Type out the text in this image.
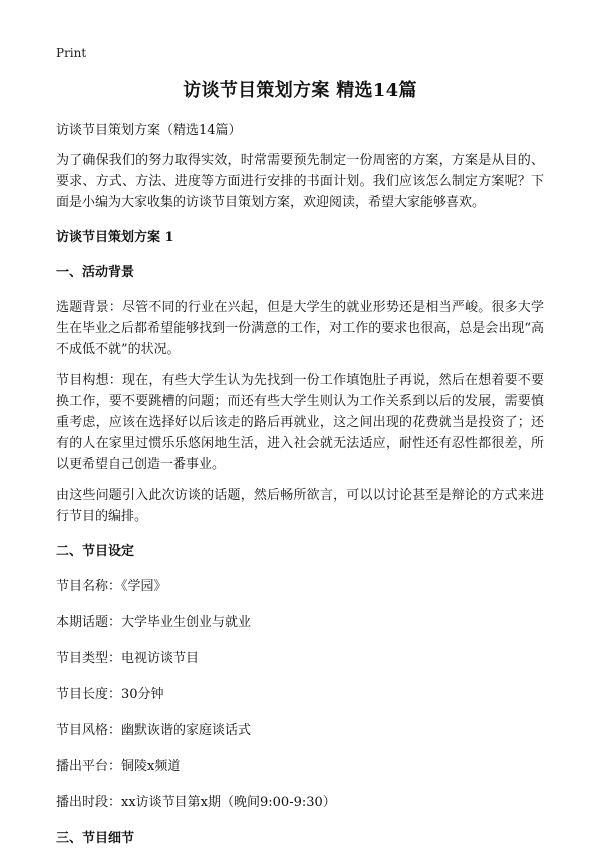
Print
访谈节目策划方案 精选14篇

访谈节目策划方案（精选14篇）

为了确保我们的努力取得实效，时常需要预先制定一份周密的方案，方案是从目的、要求、方式、方法、进度等方面进行安排的书面计划。我们应该怎么制定方案呢？下面是小编为大家收集的访谈节目策划方案，欢迎阅读，希望大家能够喜欢。

访谈节目策划方案 1

一、活动背景

选题背景：尽管不同的行业在兴起，但是大学生的就业形势还是相当严峻。很多大学生在毕业之后都希望能够找到一份满意的工作，对工作的要求也很高，总是会出现“高不成低不就”的状况。

节目构想：现在，有些大学生认为先找到一份工作填饱肚子再说，然后在想着要不要换工作，要不要跳槽的问题；而还有些大学生则认为工作关系到以后的发展，需要慎重考虑，应该在选择好以后该走的路后再就业，这之间出现的花费就当是投资了；还有的人在家里过惯乐乐悠闲地生活，进入社会就无法适应，耐性还有忍性都很差，所以更希望自己创造一番事业。

由这些问题引入此次访谈的话题，然后畅所欲言，可以以讨论甚至是辩论的方式来进行节目的编排。

二、节目设定

节目名称：《学园》

本期话题：大学毕业生创业与就业

节目类型：电视访谈节目

节目长度：30分钟

节目风格：幽默诙谐的家庭谈话式

播出平台：铜陵x频道

播出时段：xx访谈节目第x期（晚间9:00-9:30）

三、节目细节
